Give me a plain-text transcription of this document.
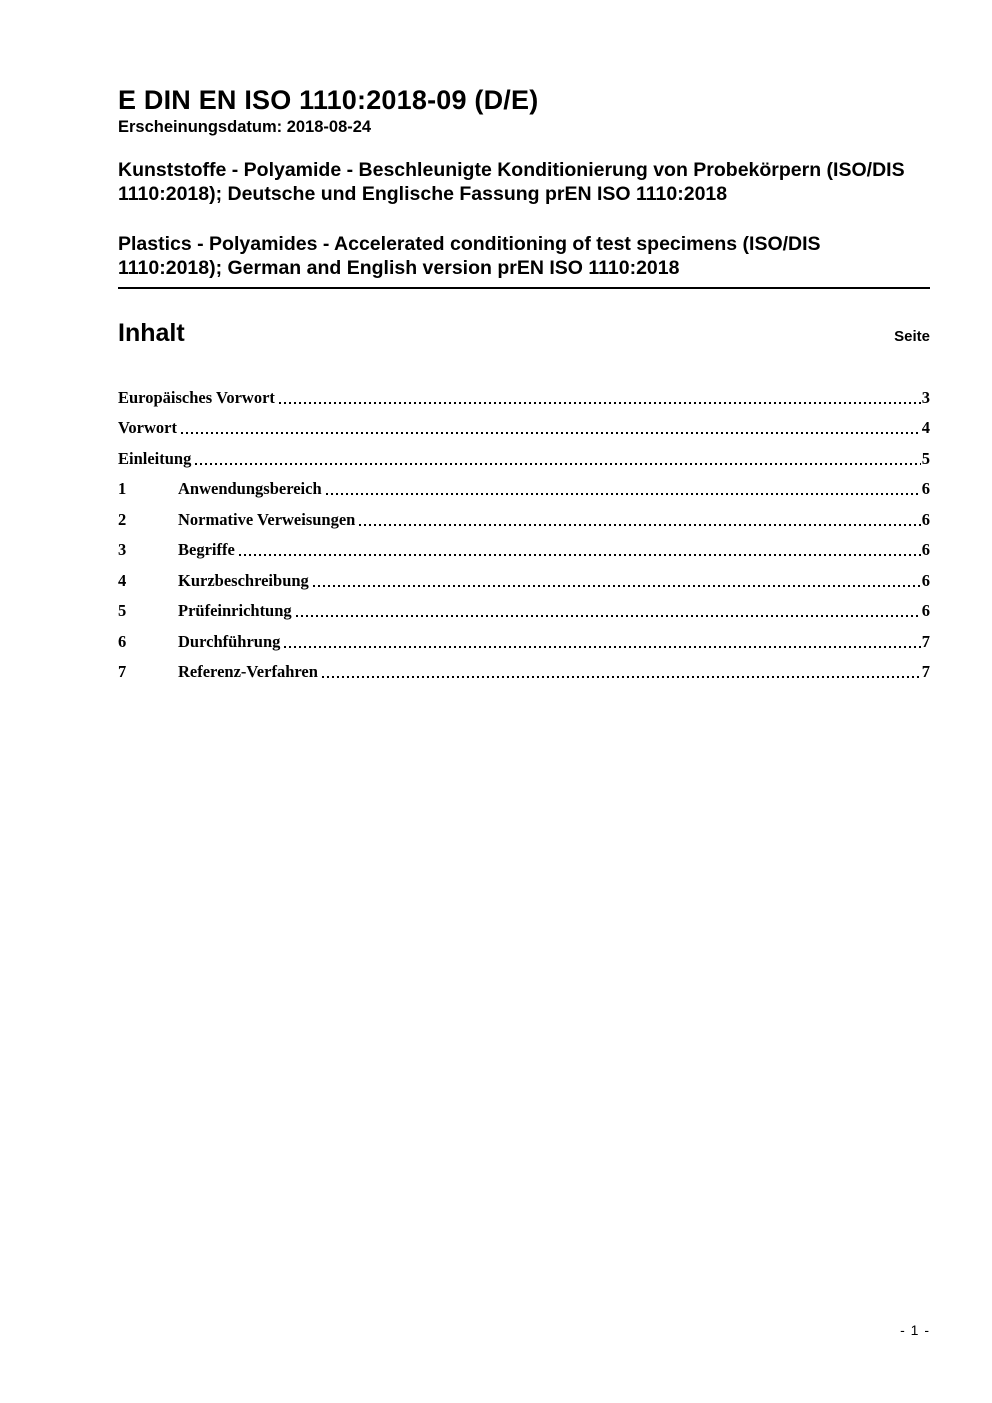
E DIN EN ISO 1110:2018-09 (D/E)
Erscheinungsdatum: 2018-08-24

Kunststoffe - Polyamide - Beschleunigte Konditionierung von Probekörpern (ISO/DIS 1110:2018); Deutsche und Englische Fassung prEN ISO 1110:2018

Plastics - Polyamides - Accelerated conditioning of test specimens (ISO/DIS 1110:2018); German and English version prEN ISO 1110:2018

Inhalt	Seite
Europäisches Vorwort	3
Vorwort	4
Einleitung	5
1	Anwendungsbereich	6
2	Normative Verweisungen	6
3	Begriffe	6
4	Kurzbeschreibung	6
5	Prüfeinrichtung	6
6	Durchführung	7
7	Referenz-Verfahren	7
- 1 -
